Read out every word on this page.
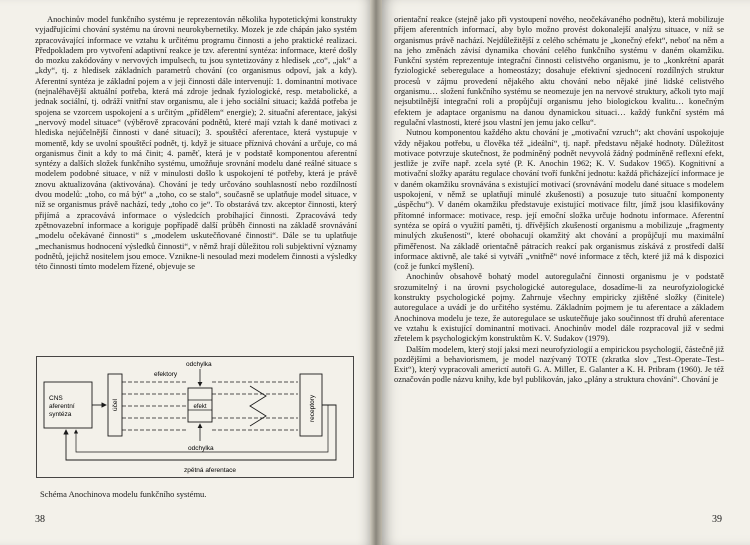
Anochinův model funkčního systému je reprezentován několika hypotetickými konstrukty vyjadřujícími chování systému na úrovni neurokybernetiky. Mozek je zde chápán jako systém zpracovávající informace ve vztahu k určitému programu činnosti a jeho praktické realizaci. Předpokladem pro vytvoření adaptivní reakce je tzv. aferentní syntéza: informace, které došly do mozku zakódovány v nervových impulsech, tu jsou syntetizovány z hledisek „co“, „jak“ a „kdy“, tj. z hledisek základních parametrů chování (co organismus odpoví, jak a kdy). Aferentní syntéza je základní pojem a v jeji činnosti dále intervenují: 1. dominantní motivace (nejnaléhavější aktuální potřeba, která má zdroje jednak fyziologické, resp. metabolické, a jednak sociální, tj. odráží vnitřní stav organismu, ale i jeho sociální situaci; každá potřeba je spojena se vzorcem uspokojení a s určitým „přídělem“ energie); 2. situační aferentace, jakýsi „nervový model situace“ (výběrově zpracování podnětů, které mají vztah k dané motivaci z hlediska nejúčelnější činnosti v dané situaci); 3. spouštěcí aferentace, která vystupuje v momentě, kdy se uvolní spouštěcí podnět, tj. když je situace příznivá chování a určuje, co má organismus činit a kdy to má činit; 4. paměť, která je v podstatě komponentou aferentní syntézy a dalších složek funkčního systému, umožňuje srovnání modelu dané reálné situace s modelem podobné situace, v níž v minulosti došlo k uspokojení té potřeby, která je právě znovu aktualizována (aktivována). Chování je tedy určováno souhlasností nebo rozdílností dvou modelů: „toho, co má být“ a „toho, co se stalo“, současně se uplatňuje model situace, v níž se organismus právě nachází, tedy „toho co je“. To obstarává tzv. akceptor činnosti, který přijímá a zpracovává informace o výsledcích probíhající činnosti. Zpracovává tedy zpětnovazební informace a koriguje popřípadě další průběh činnosti na základě srovnávání „modelu očekávané činnosti“ s „modelem uskutečňované činnosti“. Dále se tu uplatňuje „mechanismus hodnocení výsledků činnosti“, v němž hrají důležitou roli subjektivní významy podnětů, jejichž nositelem jsou emoce. Vznikne-li nesoulad mezi modelem činnosti a výsledky této činnosti tímto modelem řízené, objevuje se

CNS
aferentní
syntéza
účel
efektory
efekt
odchylka
odchylka
receptory
zpětná aferentace
Schéma Anochinova modelu funkčního systému.
38

orientační reakce (stejně jako při vystoupení nového, neočekávaného podnětu), která mobilizuje příjem aferentních informací, aby bylo možno provést dokonalejší analýzu situace, v níž se organismus právě nachází. Nejdůležitější z celého schématu je „konečný efekt“, neboť na něm a na jeho změnách závisí dynamika chování celého funkčního systému v daném okamžiku. Funkční systém reprezentuje integrační činnosti celistvého organismu, je to „konkrétní aparát fyziologické seberegulace a homeostázy; dosahuje efektivní sjednocení rozdílných struktur procesů v zájmu provedení nějakého aktu chování nebo nějaké jiné lidské celistvého organismu… složení funkčního systému se neomezuje jen na nervové struktury, ačkoli tyto mají nejsubtilnější integrační roli a propůjčují organismu jeho biologickou kvalitu… konečným efektem je adaptace organismu na danou dynamickou situaci… každý funkční systém má regulační vlastnosti, které jsou vlastní jen jemu jako celku“.

Nutnou komponentou každého aktu chování je „motivační vzruch“; akt chování uspokojuje vždy nějakou potřebu, u člověka též „ideální“, tj. např. představu nějaké hodnoty. Důležitost motivace potvrzuje skutečnost, že podmíněný podnět nevyvolá žádný podmíněně reflexní efekt, jestliže je zvíře např. zcela syté (P. K. Anochin 1962; K. V. Sudakov 1965). Kognitivní a motivační složky aparátu regulace chování tvoří funkční jednotu: každá přicházející informace je v daném okamžiku srovnávána s existující motivací (srovnávání modelu dané situace s modelem uspokojení, v němž se uplatňují minulé zkušenosti) a posuzuje tuto situační komponenty „úspěchu“). V daném okamžiku představuje existující motivace filtr, jímž jsou klasifikovány přítomné informace: motivace, resp. její emoční složka určuje hodnotu informace. Aferentní syntéza se opírá o využití paměti, tj. dřívějších zkušeností organismu a mobilizuje „fragmenty minulých zkušeností“, které obohacují okamžitý akt chování a propůjčují mu maximální přiměřenost. Na základě orientačně pátracích reakcí pak organismus získává z prostředí další informace aktivně, ale také si vytváří „vnitřně“ nové informace z těch, které již má k dispozici (což je funkcí myšlení).

Anochinův obsahově bohatý model autoregulační činnosti organismu je v podstatě srozumitelný i na úrovni psychologické autoregulace, dosadíme-li za neurofyziologické konstrukty psychologické pojmy. Zahrnuje všechny empiricky zjištěné složky (činitele) autoregulace a uvádí je do určitého systému. Základním pojmem je tu aferentace a základem Anochinova modelu je teze, že autoregulace se uskutečňuje jako součinnost tří druhů aferentace ve vztahu k existující dominantní motivaci. Anochinův model dále rozpracoval již v sedmi zřetelem k psychologickým konstruktům K. V. Sudakov (1979).

Dalším modelem, který stojí jaksi mezi neurofyziologií a empirickou psychologií, částečně již pozdějšími a behaviorismem, je model nazývaný TOTE (zkratka slov „Test–Operate–Test–Exit“), který vypracovali americtí autoři G. A. Miller, E. Galanter a K. H. Pribram (1960). Je též označován podle názvu knihy, kde byl publikován, jako „plány a struktura chování“. Chování je

39
